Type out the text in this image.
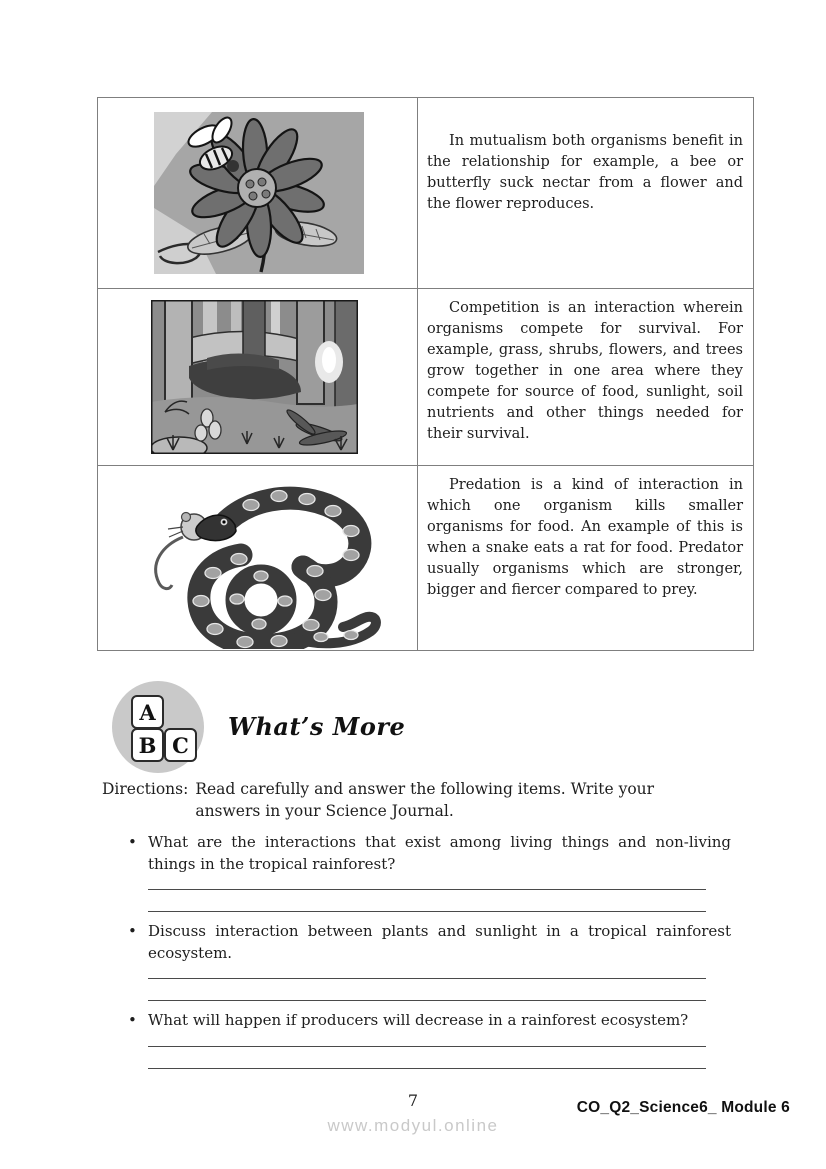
In mutualism both organisms benefit in the relationship for example, a bee or butterfly suck nectar from a flower and the flower reproduces.

Competition is an interaction wherein organisms compete for survival. For example, grass, shrubs, flowers, and trees grow together in one area where they compete for source of food, sunlight, soil nutrients and other things needed for their survival.

Predation is a kind of interaction in which one organism kills smaller organisms for food. An example of this is when a snake eats a rat for food. Predator usually organisms which are stronger, bigger and fiercer compared to prey.

A
B C
What’s More
Directions: Read carefully and answer the following items. Write your answers in your Science Journal.
• What are the interactions that exist among living things and non-living things in the tropical rainforest?

• Discuss interaction between plants and sunlight in a tropical rainforest ecosystem.

• What will happen if producers will decrease in a rainforest ecosystem?

7
www.modyul.online
CO_Q2_Science6_ Module 6
